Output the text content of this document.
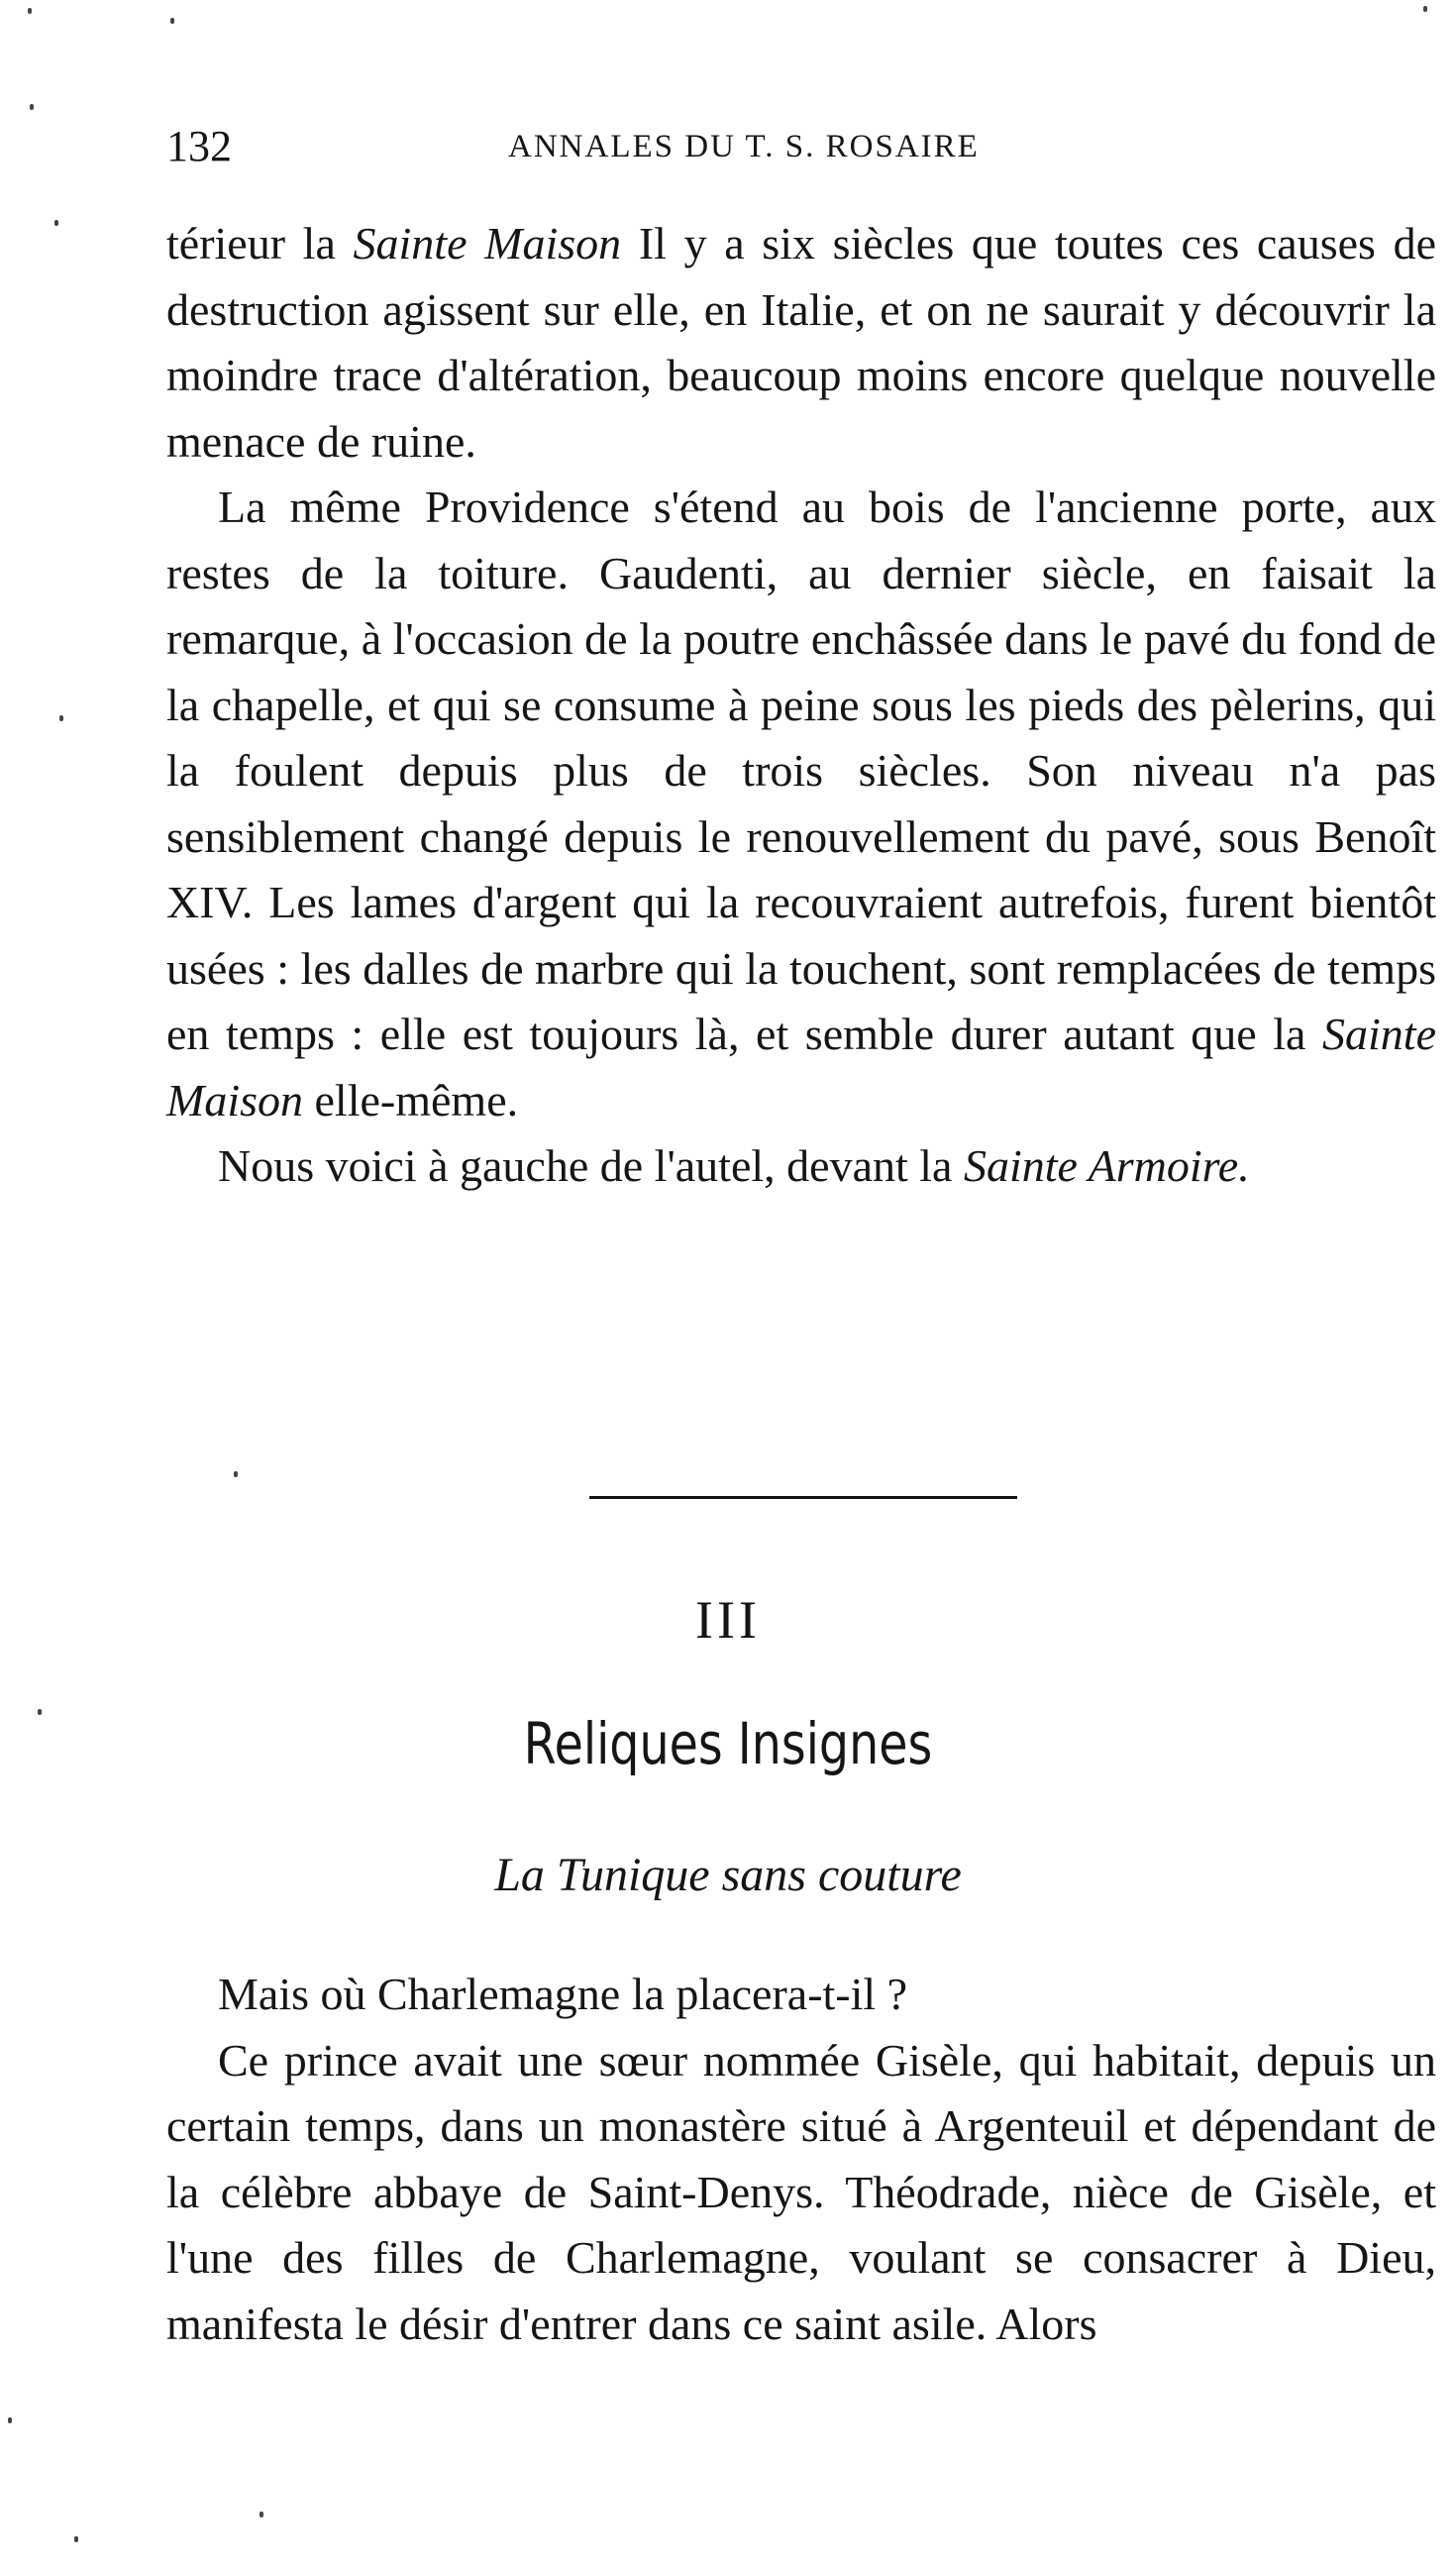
132	ANNALES DU T. S. ROSAIRE

térieur la Sainte Maison Il y a six siècles que toutes ces causes de destruction agissent sur elle, en Italie, et on ne saurait y découvrir la moindre trace d'altération, beaucoup moins encore quelque nouvelle menace de ruine.

La même Providence s'étend au bois de l'ancienne porte, aux restes de la toiture. Gaudenti, au dernier siècle, en faisait la remarque, à l'occasion de la poutre enchâssée dans le pavé du fond de la chapelle, et qui se consume à peine sous les pieds des pèlerins, qui la foulent depuis plus de trois siècles. Son niveau n'a pas sensiblement changé depuis le renouvellement du pavé, sous Benoît XIV. Les lames d'argent qui la recouvraient autrefois, furent bientôt usées : les dalles de marbre qui la touchent, sont remplacées de temps en temps : elle est toujours là, et semble durer autant que la Sainte Maison elle-même.

Nous voici à gauche de l'autel, devant la Sainte Armoire.

III
Reliques Insignes
La Tunique sans couture

Mais où Charlemagne la placera-t-il ?

Ce prince avait une sœur nommée Gisèle, qui habitait, depuis un certain temps, dans un monastère situé à Argenteuil et dépendant de la célèbre abbaye de Saint-Denys. Théodrade, nièce de Gisèle, et l'une des filles de Charlemagne, voulant se consacrer à Dieu, manifesta le désir d'entrer dans ce saint asile. Alors
